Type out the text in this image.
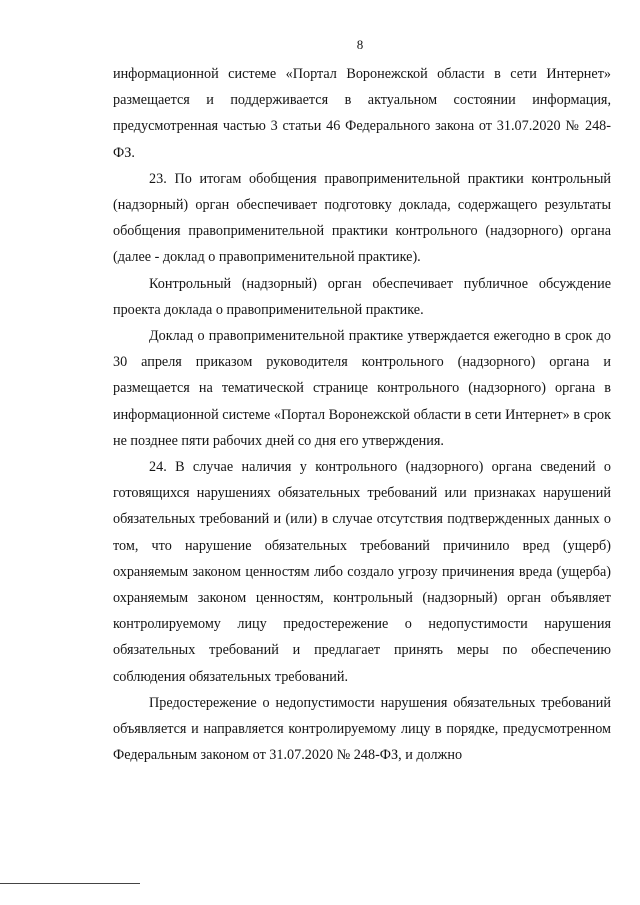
8

информационной системе «Портал Воронежской области в сети Интернет» размещается и поддерживается в актуальном состоянии информация, предусмотренная частью 3 статьи 46 Федерального закона от 31.07.2020 № 248-ФЗ.

23. По итогам обобщения правоприменительной практики контрольный (надзорный) орган обеспечивает подготовку доклада, содержащего результаты обобщения правоприменительной практики контрольного (надзорного) органа (далее - доклад о правоприменительной практике).

Контрольный (надзорный) орган обеспечивает публичное обсуждение проекта доклада о правоприменительной практике.

Доклад о правоприменительной практике утверждается ежегодно в срок до 30 апреля приказом руководителя контрольного (надзорного) органа и размещается на тематической странице контрольного (надзорного) органа в информационной системе «Портал Воронежской области в сети Интернет» в срок не позднее пяти рабочих дней со дня его утверждения.

24. В случае наличия у контрольного (надзорного) органа сведений о готовящихся нарушениях обязательных требований или признаках нарушений обязательных требований и (или) в случае отсутствия подтвержденных данных о том, что нарушение обязательных требований причинило вред (ущерб) охраняемым законом ценностям либо создало угрозу причинения вреда (ущерба) охраняемым законом ценностям, контрольный (надзорный) орган объявляет контролируемому лицу предостережение о недопустимости нарушения обязательных требований и предлагает принять меры по обеспечению соблюдения обязательных требований.

Предостережение о недопустимости нарушения обязательных требований объявляется и направляется контролируемому лицу в порядке, предусмотренном Федеральным законом от 31.07.2020 № 248-ФЗ, и должно
